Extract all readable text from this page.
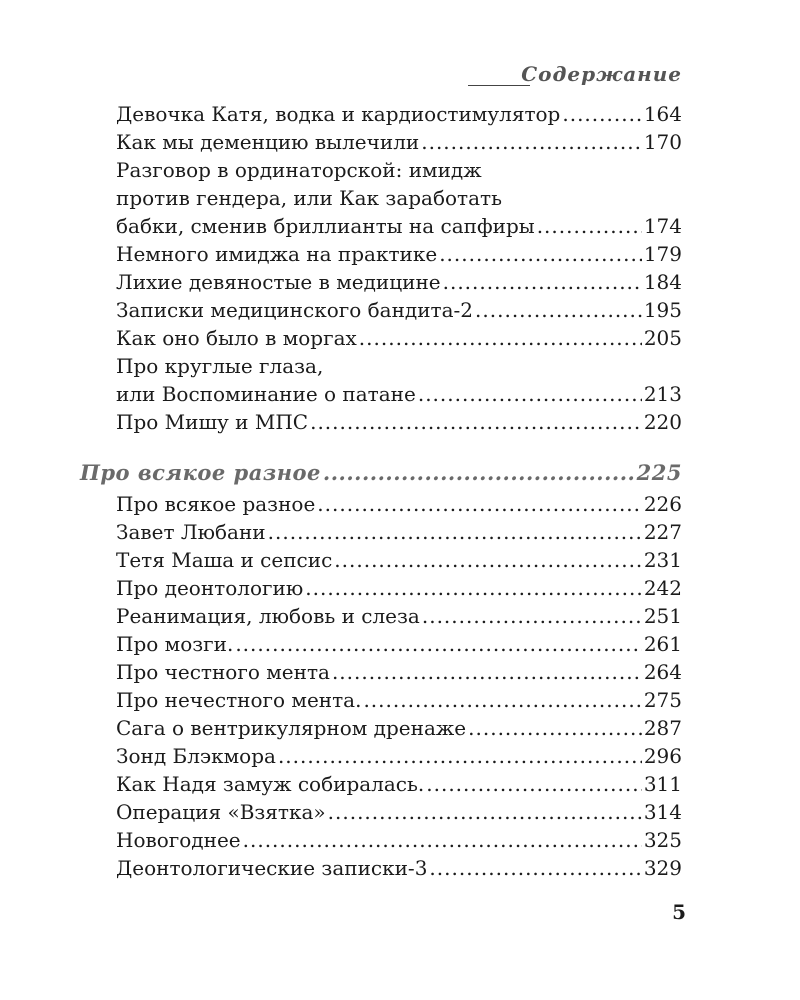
Содержание
Девочка Катя, водка и кардиостимулятор .....	164
Как мы деменцию вылечили .....	170
Разговор в ординаторской: имидж
против гендера, или Как заработать
бабки, сменив бриллианты на сапфиры .....	174
Немного имиджа на практике .....	179
Лихие девяностые в медицине .....	184
Записки медицинского бандита-2 .....	195
Как оно было в моргах .....	205
Про круглые глаза,
или Воспоминание о патане .....	213
Про Мишу и МПС .....	220
Про всякое разное .....	225
Про всякое разное .....	226
Завет Любани .....	227
Тетя Маша и сепсис .....	231
Про деонтологию .....	242
Реанимация, любовь и слеза .....	251
Про мозги. .....	261
Про честного мента .....	264
Про нечестного мента. .....	275
Сага о вентрикулярном дренаже .....	287
Зонд Блэкмора .....	296
Как Надя замуж собиралась. .....	311
Операция «Взятка» .....	314
Новогоднее .....	325
Деонтологические записки-3 .....	329
5
